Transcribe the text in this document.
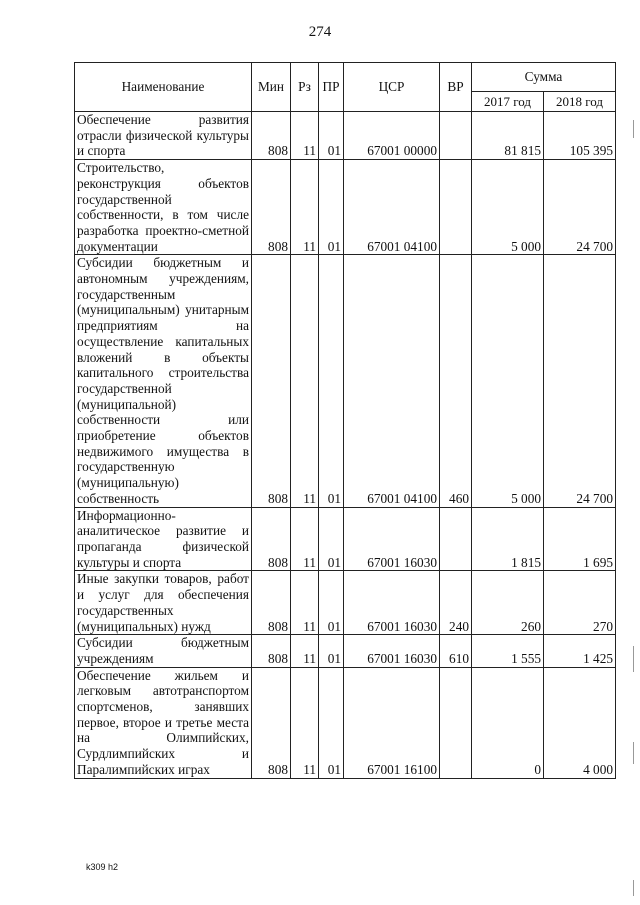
274
Наименование	Мин	Рз	ПР	ЦСР	ВР	Сумма	
						2017 год	2018 год
Обеспечение развития отрасли физической культуры и спорта	808	11	01	67001 00000		81 815	105 395
Строительство, реконструкция объектов государственной собственности, в том числе разработка проектно-сметной документации	808	11	01	67001 04100		5 000	24 700
Субсидии бюджетным и автономным учреждениям, государственным (муниципальным) унитарным предприятиям на осуществление капитальных вложений в объекты капитального строительства государственной (муниципальной) собственности или приобретение объектов недвижимого имущества в государственную (муниципальную) собственность	808	11	01	67001 04100	460	5 000	24 700
Информационно-аналитическое развитие и пропаганда физической культуры и спорта	808	11	01	67001 16030		1 815	1 695
Иные закупки товаров, работ и услуг для обеспечения государственных (муниципальных) нужд	808	11	01	67001 16030	240	260	270
Субсидии бюджетным учреждениям	808	11	01	67001 16030	610	1 555	1 425
Обеспечение жильем и легковым автотранспортом спортсменов, занявших первое, второе и третье места на Олимпийских, Сурдлимпийских и Паралимпийских играх	808	11	01	67001 16100		0	4 000
k309 h2
